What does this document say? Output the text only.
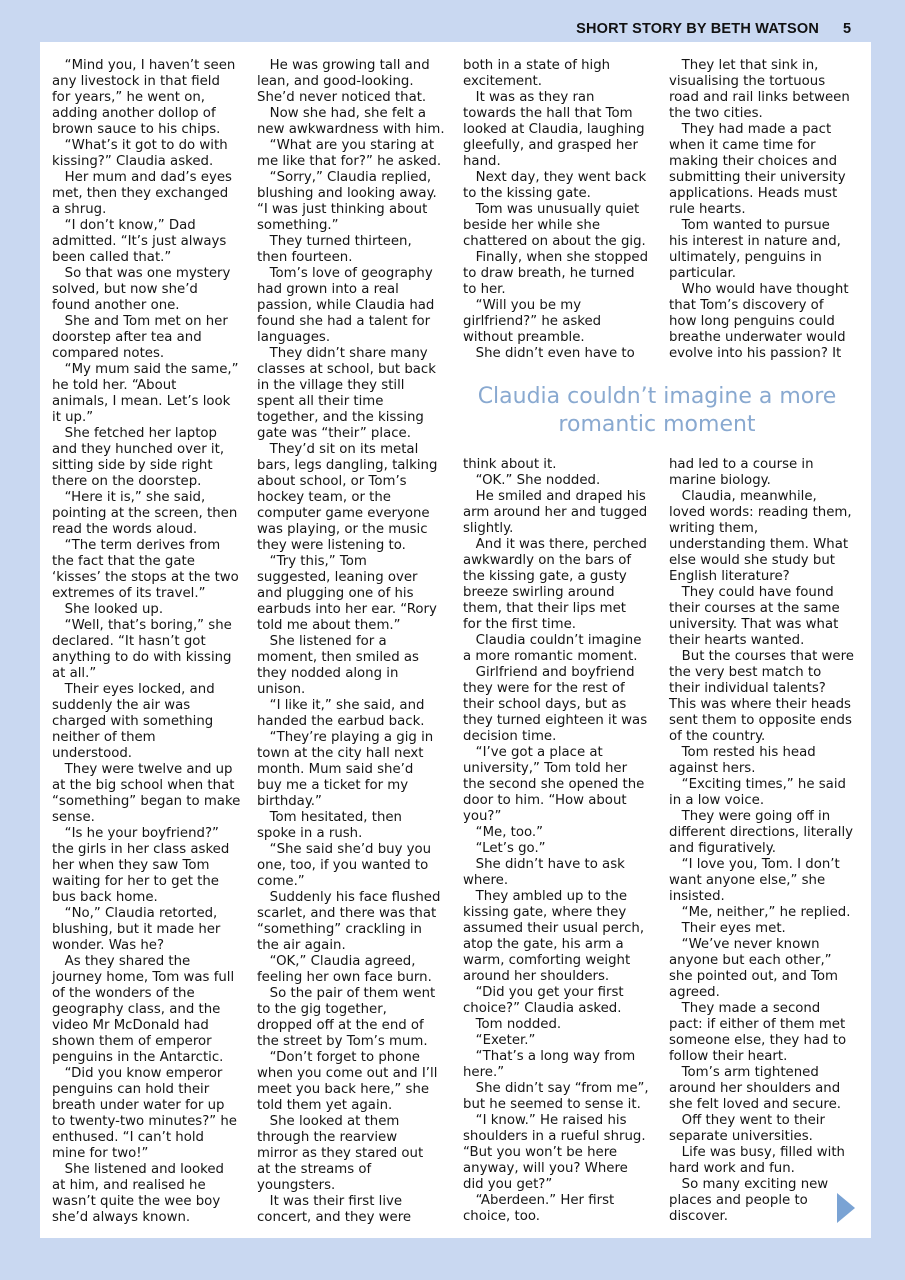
SHORT STORY BY BETH WATSON 5

“Mind you, I haven’t seen

any livestock in that field

for years,” he went on,

adding another dollop of

brown sauce to his chips.

“What’s it got to do with

kissing?” Claudia asked.

Her mum and dad’s eyes

met, then they exchanged

a shrug.

“I don’t know,” Dad

admitted. “It’s just always

been called that.”

So that was one mystery

solved, but now she’d

found another one.

She and Tom met on her

doorstep after tea and

compared notes.

“My mum said the same,”

he told her. “About

animals, I mean. Let’s look

it up.”

She fetched her laptop

and they hunched over it,

sitting side by side right

there on the doorstep.

“Here it is,” she said,

pointing at the screen, then

read the words aloud.

“The term derives from

the fact that the gate

‘kisses’ the stops at the two

extremes of its travel.”

She looked up.

“Well, that’s boring,” she

declared. “It hasn’t got

anything to do with kissing

at all.”

Their eyes locked, and

suddenly the air was

charged with something

neither of them

understood.

They were twelve and up

at the big school when that

“something” began to make

sense.

“Is he your boyfriend?”

the girls in her class asked

her when they saw Tom

waiting for her to get the

bus back home.

“No,” Claudia retorted,

blushing, but it made her

wonder. Was he?

As they shared the

journey home, Tom was full

of the wonders of the

geography class, and the

video Mr McDonald had

shown them of emperor

penguins in the Antarctic.

“Did you know emperor

penguins can hold their

breath under water for up

to twenty-two minutes?” he

enthused. “I can’t hold

mine for two!”

She listened and looked

at him, and realised he

wasn’t quite the wee boy

she’d always known.

He was growing tall and

lean, and good-looking.

She’d never noticed that.

Now she had, she felt a

new awkwardness with him.

“What are you staring at

me like that for?” he asked.

“Sorry,” Claudia replied,

blushing and looking away.

“I was just thinking about

something.”

They turned thirteen,

then fourteen.

Tom’s love of geography

had grown into a real

passion, while Claudia had

found she had a talent for

languages.

They didn’t share many

classes at school, but back

in the village they still

spent all their time

together, and the kissing

gate was “their” place.

They’d sit on its metal

bars, legs dangling, talking

about school, or Tom’s

hockey team, or the

computer game everyone

was playing, or the music

they were listening to.

“Try this,” Tom

suggested, leaning over

and plugging one of his

earbuds into her ear. “Rory

told me about them.”

She listened for a

moment, then smiled as

they nodded along in

unison.

“I like it,” she said, and

handed the earbud back.

“They’re playing a gig in

town at the city hall next

month. Mum said she’d

buy me a ticket for my

birthday.”

Tom hesitated, then

spoke in a rush.

“She said she’d buy you

one, too, if you wanted to

come.”

Suddenly his face flushed

scarlet, and there was that

“something” crackling in

the air again.

“OK,” Claudia agreed,

feeling her own face burn.

So the pair of them went

to the gig together,

dropped off at the end of

the street by Tom’s mum.

“Don’t forget to phone

when you come out and I’ll

meet you back here,” she

told them yet again.

She looked at them

through the rearview

mirror as they stared out

at the streams of

youngsters.

It was their first live

concert, and they were

both in a state of high

excitement.

It was as they ran

towards the hall that Tom

looked at Claudia, laughing

gleefully, and grasped her

hand.

Next day, they went back

to the kissing gate.

Tom was unusually quiet

beside her while she

chattered on about the gig.

Finally, when she stopped

to draw breath, he turned

to her.

“Will you be my

girlfriend?” he asked

without preamble.

She didn’t even have to

think about it.

“OK.” She nodded.

He smiled and draped his

arm around her and tugged

slightly.

And it was there, perched

awkwardly on the bars of

the kissing gate, a gusty

breeze swirling around

them, that their lips met

for the first time.

Claudia couldn’t imagine

a more romantic moment.

Girlfriend and boyfriend

they were for the rest of

their school days, but as

they turned eighteen it was

decision time.

“I’ve got a place at

university,” Tom told her

the second she opened the

door to him. “How about

you?”

“Me, too.”

“Let’s go.”

She didn’t have to ask

where.

They ambled up to the

kissing gate, where they

assumed their usual perch,

atop the gate, his arm a

warm, comforting weight

around her shoulders.

“Did you get your first

choice?” Claudia asked.

Tom nodded.

“Exeter.”

“That’s a long way from

here.”

She didn’t say “from me”,

but he seemed to sense it.

“I know.” He raised his

shoulders in a rueful shrug.

“But you won’t be here

anyway, will you? Where

did you get?”

“Aberdeen.” Her first

choice, too.

They let that sink in,

visualising the tortuous

road and rail links between

the two cities.

They had made a pact

when it came time for

making their choices and

submitting their university

applications. Heads must

rule hearts.

Tom wanted to pursue

his interest in nature and,

ultimately, penguins in

particular.

Who would have thought

that Tom’s discovery of

how long penguins could

breathe underwater would

evolve into his passion? It

had led to a course in

marine biology.

Claudia, meanwhile,

loved words: reading them,

writing them,

understanding them. What

else would she study but

English literature?

They could have found

their courses at the same

university. That was what

their hearts wanted.

But the courses that were

the very best match to

their individual talents?

This was where their heads

sent them to opposite ends

of the country.

Tom rested his head

against hers.

“Exciting times,” he said

in a low voice.

They were going off in

different directions, literally

and figuratively.

“I love you, Tom. I don’t

want anyone else,” she

insisted.

“Me, neither,” he replied.

Their eyes met.

“We’ve never known

anyone but each other,”

she pointed out, and Tom

agreed.

They made a second

pact: if either of them met

someone else, they had to

follow their heart.

Tom’s arm tightened

around her shoulders and

she felt loved and secure.

Off they went to their

separate universities.

Life was busy, filled with

hard work and fun.

So many exciting new

places and people to

discover.

Claudia couldn’t imagine a more
romantic moment
